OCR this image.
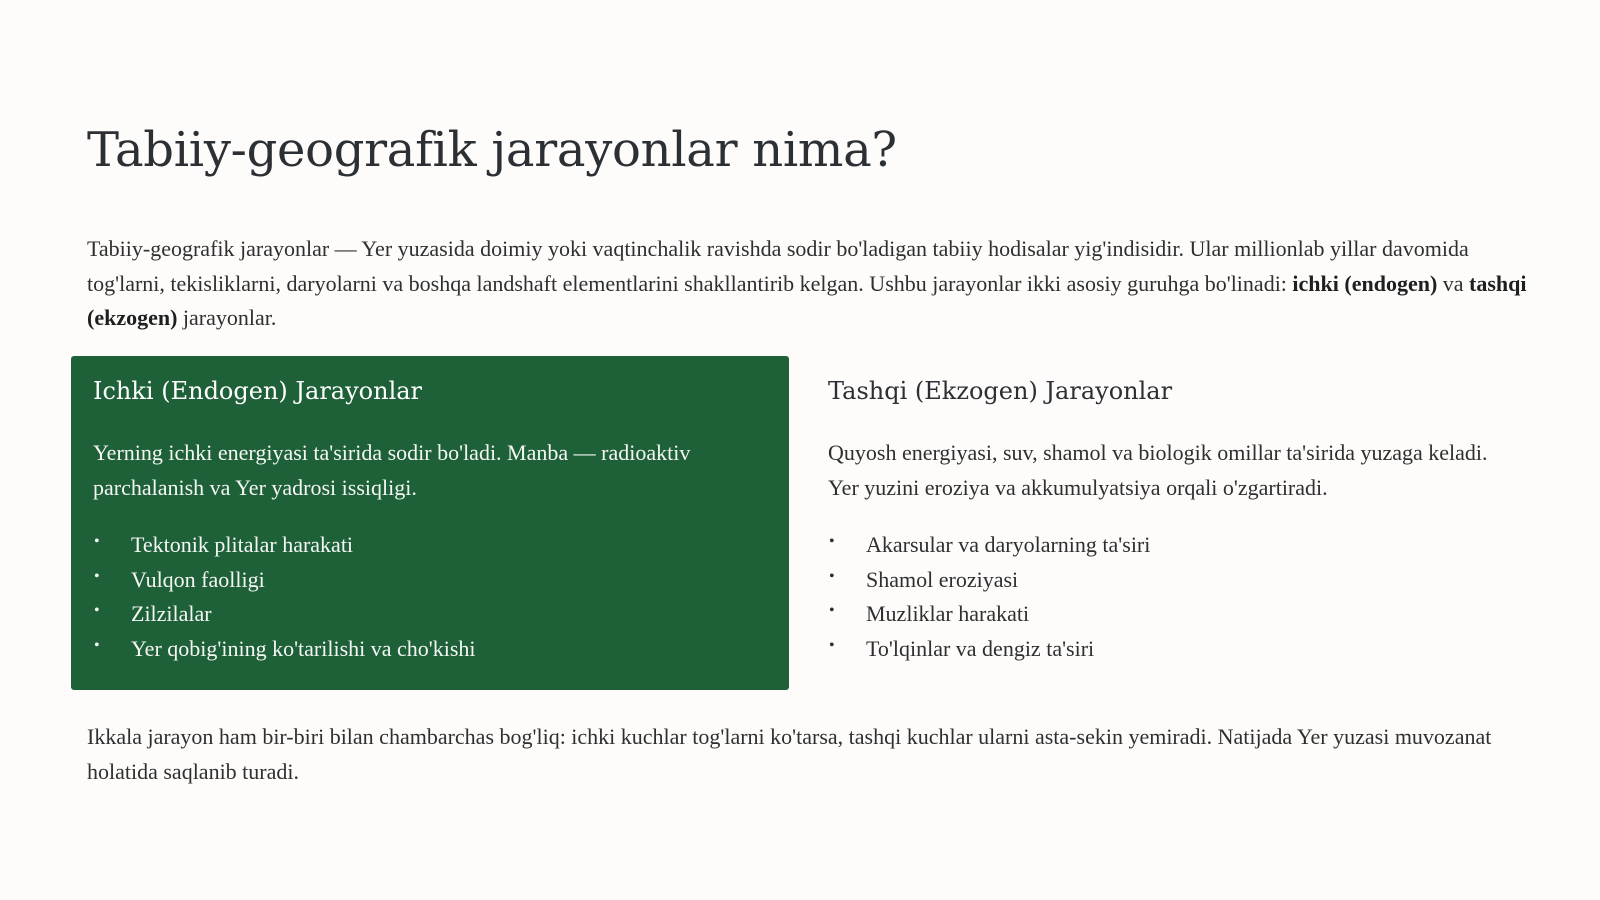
Tabiiy-geografik jarayonlar nima?

Tabiiy-geografik jarayonlar — Yer yuzasida doimiy yoki vaqtinchalik ravishda sodir bo'ladigan tabiiy hodisalar yig'indisidir. Ular millionlab yillar davomida tog'larni, tekisliklarni, daryolarni va boshqa landshaft elementlarini shakllantirib kelgan. Ushbu jarayonlar ikki asosiy guruhga bo'linadi: ichki (endogen) va tashqi (ekzogen) jarayonlar.

Ichki (Endogen) Jarayonlar

Yerning ichki energiyasi ta'sirida sodir bo'ladi. Manba — radioaktiv parchalanish va Yer yadrosi issiqligi.

• Tektonik plitalar harakati
• Vulqon faolligi
• Zilzilalar
• Yer qobig'ining ko'tarilishi va cho'kishi
Tashqi (Ekzogen) Jarayonlar

Quyosh energiyasi, suv, shamol va biologik omillar ta'sirida yuzaga keladi. Yer yuzini eroziya va akkumulyatsiya orqali o'zgartiradi.

• Akarsular va daryolarning ta'siri
• Shamol eroziyasi
• Muzliklar harakati
• To'lqinlar va dengiz ta'siri

Ikkala jarayon ham bir-biri bilan chambarchas bog'liq: ichki kuchlar tog'larni ko'tarsa, tashqi kuchlar ularni asta-sekin yemiradi. Natijada Yer yuzasi muvozanat holatida saqlanib turadi.
